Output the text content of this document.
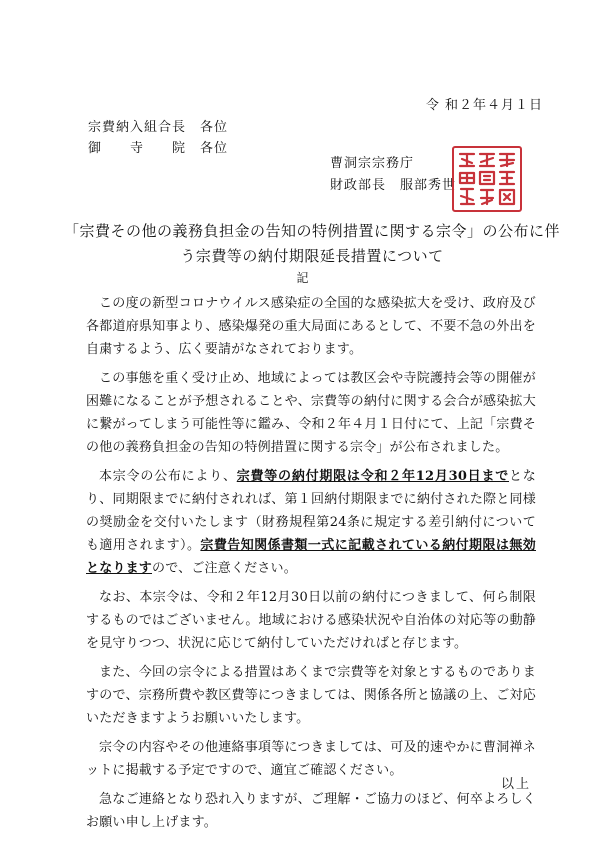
令 和２年４月１日
宗費納入組合長　各位
御　　寺　　院　各位
曹洞宗宗務庁
財政部長　服部秀世
「宗費その他の義務負担金の告知の特例措置に関する宗令」の公布に伴う宗費等の納付期限延長措置について
記

この度の新型コロナウイルス感染症の全国的な感染拡大を受け、政府及び各都道府県知事より、感染爆発の重大局面にあるとして、不要不急の外出を自粛するよう、広く要請がなされております。

この事態を重く受け止め、地域によっては教区会や寺院護持会等の開催が困難になることが予想されることや、宗費等の納付に関する会合が感染拡大に繋がってしまう可能性等に鑑み、令和２年４月１日付にて、上記「宗費その他の義務負担金の告知の特例措置に関する宗令」が公布されました。

本宗令の公布により、宗費等の納付期限は令和２年12月30日までとなり、同期限までに納付されれば、第１回納付期限までに納付された際と同様の奨励金を交付いたします（財務規程第24条に規定する差引納付についても適用されます）。宗費告知関係書類一式に記載されている納付期限は無効となりますので、ご注意ください。

なお、本宗令は、令和２年12月30日以前の納付につきまして、何ら制限するものではございません。地域における感染状況や自治体の対応等の動静を見守りつつ、状況に応じて納付していただければと存じます。

また、今回の宗令による措置はあくまで宗費等を対象とするものでありますので、宗務所費や教区費等につきましては、関係各所と協議の上、ご対応いただきますようお願いいたします。

宗令の内容やその他連絡事項等につきましては、可及的速やかに曹洞禅ネットに掲載する予定ですので、適宜ご確認ください。

急なご連絡となり恐れ入りますが、ご理解・ご協力のほど、何卒よろしくお願い申し上げます。

以上
